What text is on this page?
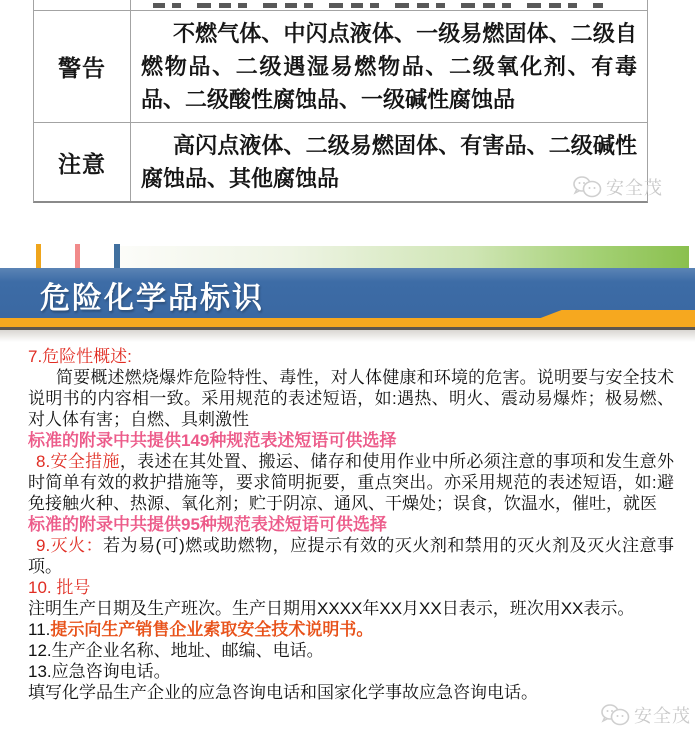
警告
不燃气体、中闪点液体、一级易燃固体、二级自燃物品、二级遇湿易燃物品、二级氧化剂、有毒品、二级酸性腐蚀品、一级碱性腐蚀品
注意
高闪点液体、二级易燃固体、有害品、二级碱性腐蚀品、其他腐蚀品	安全茂
危险化学品标识

7.危险性概述:

简要概述燃烧爆炸危险特性、毒性，对人体健康和环境的危害。说明要与安全技术说明书的内容相一致。采用规范的表述短语，如:遇热、明火、震动易爆炸；极易燃、对人体有害；自燃、具刺激性

标准的附录中共提供149种规范表述短语可供选择

8.安全措施，表述在其处置、搬运、储存和使用作业中所必须注意的事项和发生意外时简单有效的救护措施等，要求简明扼要，重点突出。亦采用规范的表述短语，如:避免接触火种、热源、氧化剂；贮于阴凉、通风、干燥处；误食，饮温水，催吐，就医

标准的附录中共提供95种规范表述短语可供选择

9.灭火：若为易(可)燃或助燃物，应提示有效的灭火剂和禁用的灭火剂及灭火注意事项。

10. 批号

注明生产日期及生产班次。生产日期用XXXX年XX月XX日表示，班次用XX表示。

11.提示向生产销售企业索取安全技术说明书。

12.生产企业名称、地址、邮编、电话。

13.应急咨询电话。

填写化学品生产企业的应急咨询电话和国家化学事故应急咨询电话。

安全茂
